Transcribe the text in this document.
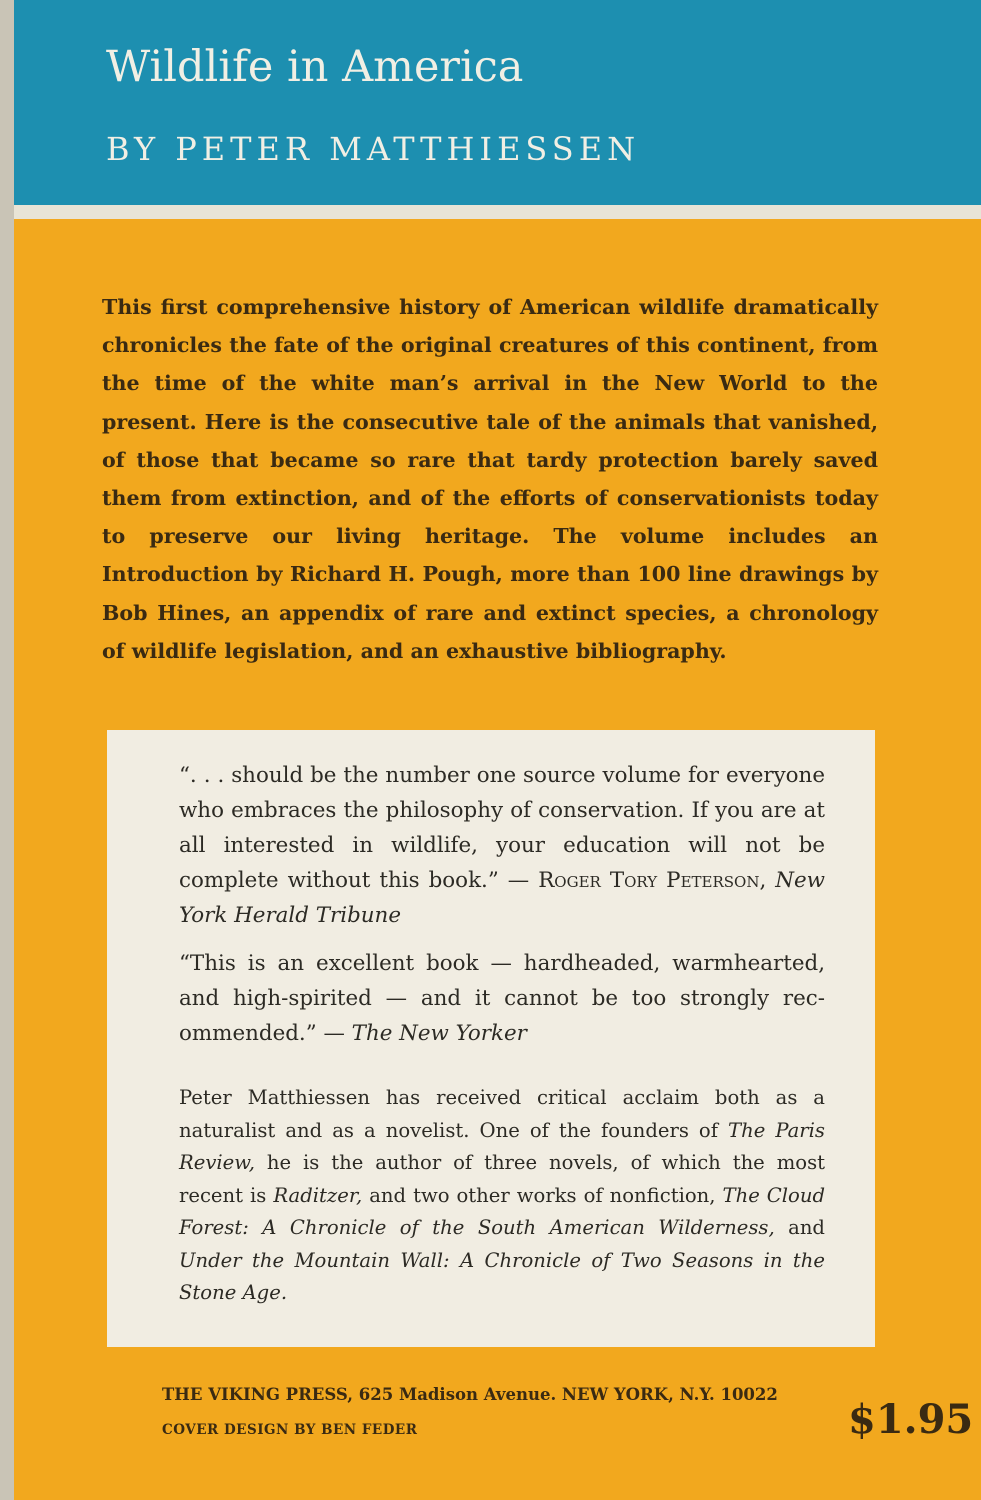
Wildlife in America
BY PETER MATTHIESSEN

This first comprehensive history of American wildlife dramatically chronicles the fate of the original creatures of this continent, from the time of the white man’s arrival in the New World to the present. Here is the consecutive tale of the animals that vanished, of those that became so rare that tardy protection barely saved them from extinction, and of the efforts of conservationists today to preserve our living heritage. The volume includes an Introduction by Richard H. Pough, more than 100 line drawings by Bob Hines, an appendix of rare and extinct species, a chronology of wildlife legislation, and an exhaustive bibliography.

“. . . should be the number one source volume for everyone who embraces the philosophy of conservation. If you are at all interested in wildlife, your education will not be complete without this book.” — Roger Tory Peterson, New York Herald Tribune

“This is an excellent book — hardheaded, warmhearted, and high-spirited — and it cannot be too strongly recommended.” — The New Yorker

Peter Matthiessen has received critical acclaim both as a naturalist and as a novelist. One of the founders of The Paris Review, he is the author of three novels, of which the most recent is Raditzer, and two other works of nonfiction, The Cloud Forest: A Chronicle of the South American Wilderness, and Under the Mountain Wall: A Chronicle of Two Seasons in the Stone Age.

THE VIKING PRESS, 625 Madison Avenue. NEW YORK, N.Y. 10022
COVER DESIGN BY BEN FEDER	$1.95
